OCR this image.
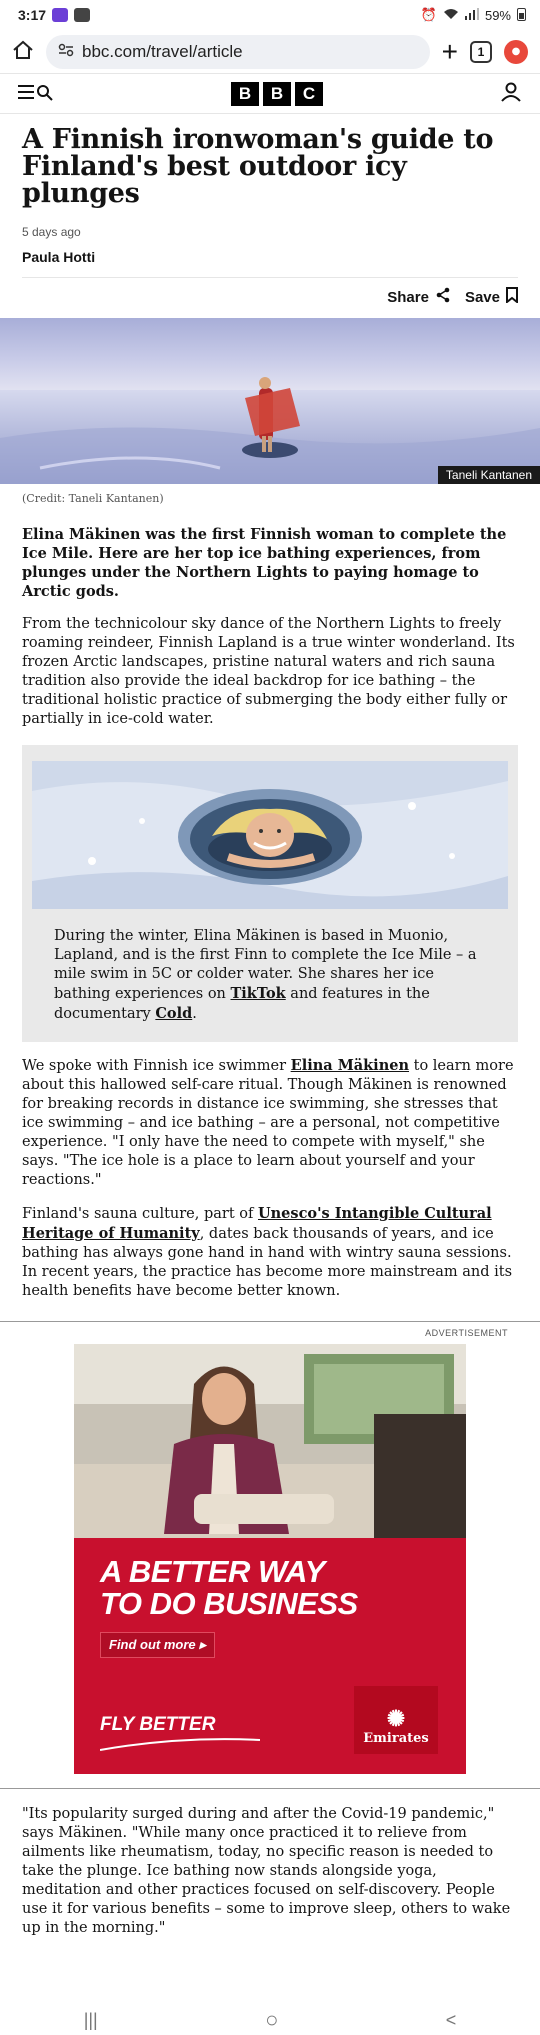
3:17	⏰	59%
bbc.com/travel/article	+	1	●
B	B	C
A Finnish ironwoman's guide to Finland's best outdoor icy plunges
5 days ago
Paula Hotti
Share Save
Taneli Kantanen
(Credit: Taneli Kantanen)

Elina Mäkinen was the first Finnish woman to complete the Ice Mile. Here are her top ice bathing experiences, from plunges under the Northern Lights to paying homage to Arctic gods.

From the technicolour sky dance of the Northern Lights to freely roaming reindeer, Finnish Lapland is a true winter wonderland. Its frozen Arctic landscapes, pristine natural waters and rich sauna tradition also provide the ideal backdrop for ice bathing – the traditional holistic practice of submerging the body either fully or partially in ice-cold water.

During the winter, Elina Mäkinen is based in Muonio, Lapland, and is the first Finn to complete the Ice Mile – a mile swim in 5C or colder water. She shares her ice bathing experiences on TikTok and features in the documentary Cold.

We spoke with Finnish ice swimmer Elina Mäkinen to learn more about this hallowed self-care ritual. Though Mäkinen is renowned for breaking records in distance ice swimming, she stresses that ice swimming – and ice bathing – are a personal, not competitive experience. "I only have the need to compete with myself," she says. "The ice hole is a place to learn about yourself and your reactions."

Finland's sauna culture, part of Unesco's Intangible Cultural Heritage of Humanity, dates back thousands of years, and ice bathing has always gone hand in hand with wintry sauna sessions. In recent years, the practice has become more mainstream and its health benefits have become better known.

ADVERTISEMENT
A BETTER WAY
TO DO BUSINESS
Find out more ▸
FLY BETTER	✺
Emirates

"Its popularity surged during and after the Covid-19 pandemic," says Mäkinen. "While many once practiced it to relieve from ailments like rheumatism, today, no specific reason is needed to take the plunge. Ice bathing now stands alongside yoga, meditation and other practices focused on self-discovery. People use it for various benefits – some to improve sleep, others to wake up in the morning."

|||	○	<
